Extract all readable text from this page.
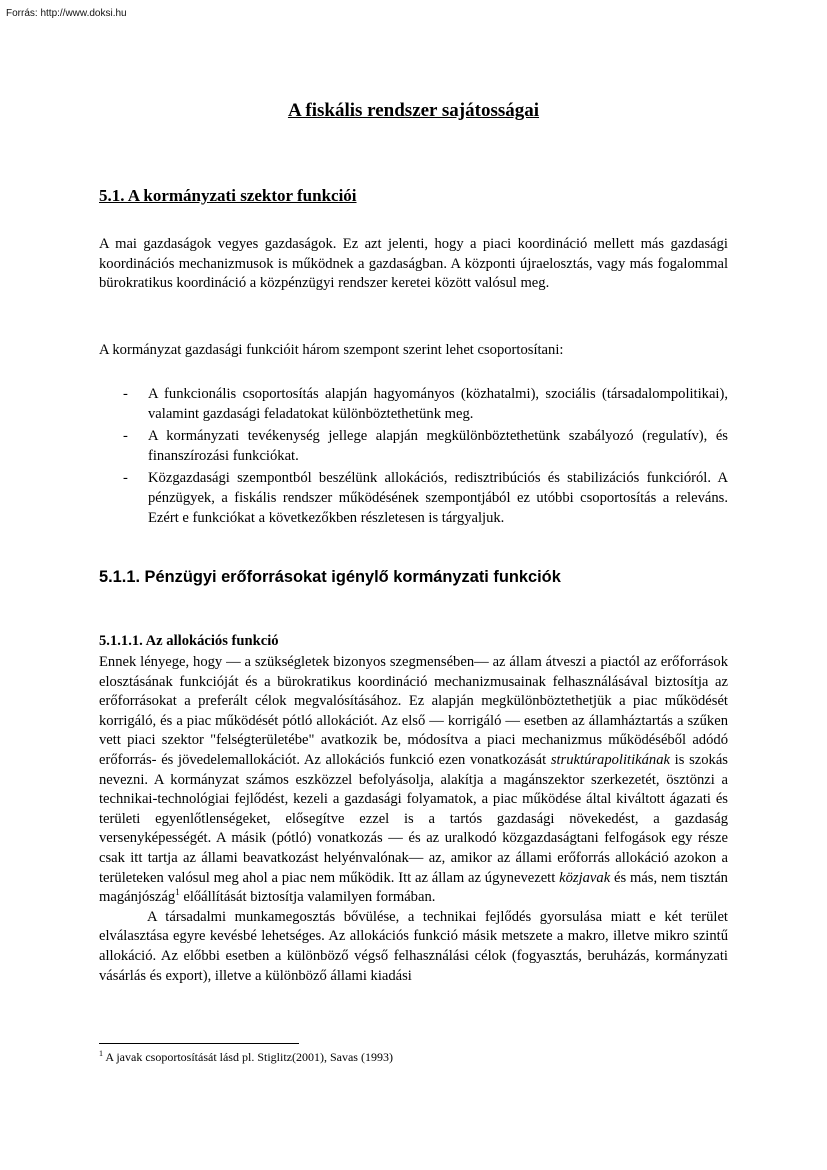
Forrás: http://www.doksi.hu
A fiskális rendszer sajátosságai
5.1. A kormányzati szektor funkciói
A mai gazdaságok vegyes gazdaságok. Ez azt jelenti, hogy a piaci koordináció mellett más gazdasági koordinációs mechanizmusok is működnek a gazdaságban. A központi újraelosztás, vagy más fogalommal bürokratikus koordináció a közpénzügyi rendszer keretei között valósul meg.
A kormányzat gazdasági funkcióit három szempont szerint lehet csoportosítani:
- A funkcionális csoportosítás alapján hagyományos (közhatalmi), szociális (társadalompolitikai), valamint gazdasági feladatokat különböztethetünk meg.
- A kormányzati tevékenység jellege alapján megkülönböztethetünk szabályozó (regulatív), és finanszírozási funkciókat.
- Közgazdasági szempontból beszélünk allokációs, redisztribúciós és stabilizációs funkcióról. A pénzügyek, a fiskális rendszer működésének szempontjából ez utóbbi csoportosítás a releváns. Ezért e funkciókat a következőkben részletesen is tárgyaljuk.
5.1.1. Pénzügyi erőforrásokat igénylő kormányzati funkciók
5.1.1.1. Az allokációs funkció

Ennek lényege, hogy — a szükségletek bizonyos szegmensében— az állam átveszi a piactól az erőforrások elosztásának funkcióját és a bürokratikus koordináció mechanizmusainak felhasználásával biztosítja az erőforrásokat a preferált célok megvalósításához. Ez alapján megkülönböztethetjük a piac működését korrigáló, és a piac működését pótló allokációt. Az első — korrigáló — esetben az államháztartás a szűken vett piaci szektor "felségterületébe" avatkozik be, módosítva a piaci mechanizmus működéséből adódó erőforrás- és jövedelemallokációt. Az allokációs funkció ezen vonatkozását struktúrapolitikának is szokás nevezni. A kormányzat számos eszközzel befolyásolja, alakítja a magánszektor szerkezetét, ösztönzi a technikai-technológiai fejlődést, kezeli a gazdasági folyamatok, a piac működése által kiváltott ágazati és területi egyenlőtlenségeket, elősegítve ezzel is a tartós gazdasági növekedést, a gazdaság versenyképességét. A másik (pótló) vonatkozás — és az uralkodó közgazdaságtani felfogások egy része csak itt tartja az állami beavatkozást helyénvalónak— az, amikor az állami erőforrás allokáció azokon a területeken valósul meg ahol a piac nem működik. Itt az állam az úgynevezett közjavak és más, nem tisztán magánjószág$^1$ előállítását biztosítja valamilyen formában.

A társadalmi munkamegosztás bővülése, a technikai fejlődés gyorsulása miatt e két terület elválasztása egyre kevésbé lehetséges. Az allokációs funkció másik metszete a makro, illetve mikro szintű allokáció. Az előbbi esetben a különböző végső felhasználási célok (fogyasztás, beruházás, kormányzati vásárlás és export), illetve a különböző állami kiadási

$^1$ A javak csoportosítását lásd pl. Stiglitz(2001), Savas (1993)
